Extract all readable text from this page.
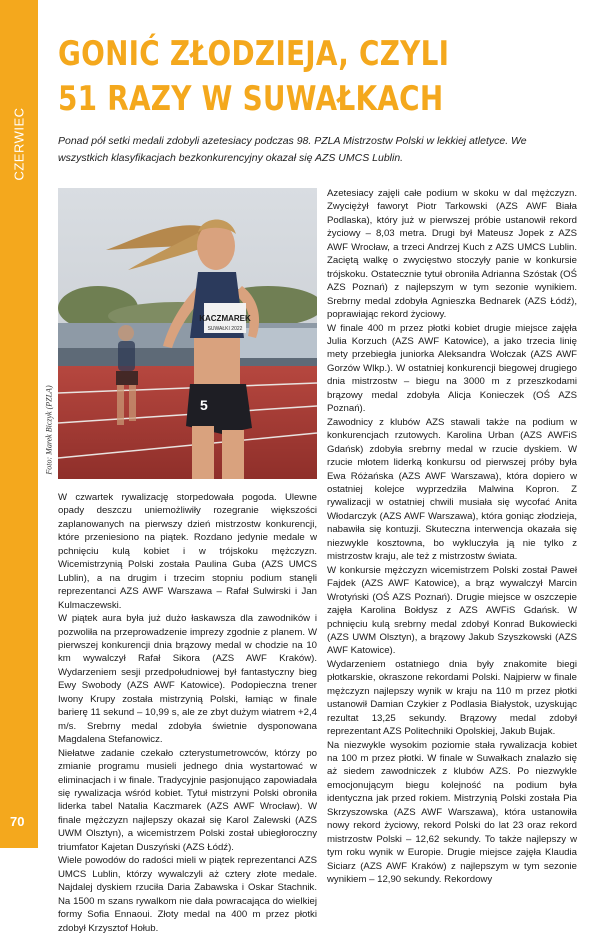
CZERWIEC
70
GONIĆ ZŁODZIEJA, CZYLI 51 RAZY W SUWAŁKACH

Ponad pół setki medali zdobyli azetesiacy podczas 98. PZLA Mistrzostw Polski w lekkiej atletyce. We wszystkich klasyfikacjach bezkonkurencyjny okazał się AZS UMCS Lublin.

KACZMAREK
SUWAŁKI 2022
5
Foto: Marek Biczyk (PZLA)

W czwartek rywalizację storpedowała pogoda. Ulewne opady deszczu uniemożliwiły rozegranie większości zaplanowanych na pierwszy dzień mistrzostw konkurencji, które przeniesiono na piątek. Rozdano jedynie medale w pchnięciu kulą kobiet i w trójskoku mężczyzn. Wicemistrzynią Polski została Paulina Guba (AZS UMCS Lublin), a na drugim i trzecim stopniu podium stanęli reprezentanci AZS AWF Warszawa – Rafał Sulwirski i Jan Kulmaczewski.

W piątek aura była już dużo łaskawsza dla zawodników i pozwoliła na przeprowadzenie imprezy zgodnie z planem. W pierwszej konkurencji dnia brązowy medal w chodzie na 10 km wywalczył Rafał Sikora (AZS AWF Kraków). Wydarzeniem sesji przedpołudniowej był fantastyczny bieg Ewy Swobody (AZS AWF Katowice). Podopieczna trener Iwony Krupy została mistrzynią Polski, łamiąc w finale barierę 11 sekund – 10,99 s, ale ze zbyt dużym wiatrem +2,4 m/s. Srebrny medal zdobyła świetnie dysponowana Magdalena Stefanowicz.

Niełatwe zadanie czekało czterystumetrowców, którzy po zmianie programu musieli jednego dnia wystartować w eliminacjach i w finale. Tradycyjnie pasjonująco zapowiadała się rywalizacja wśród kobiet. Tytuł mistrzyni Polski obroniła liderka tabel Natalia Kaczmarek (AZS AWF Wrocław). W finale mężczyzn najlepszy okazał się Karol Zalewski (AZS UWM Olsztyn), a wicemistrzem Polski został ubiegłoroczny triumfator Kajetan Duszyński (AZS Łódź).

Wiele powodów do radości mieli w piątek reprezentanci AZS UMCS Lublin, którzy wywalczyli aż cztery złote medale. Najdalej dyskiem rzuciła Daria Zabawska i Oskar Stachnik. Na 1500 m szans rywalkom nie dała powracająca do wielkiej formy Sofia Ennaoui. Złoty medal na 400 m przez płotki zdobył Krzysztof Hołub.

Azetesiacy zajęli całe podium w skoku w dal mężczyzn. Zwyciężył faworyt Piotr Tarkowski (AZS AWF Biała Podlaska), który już w pierwszej próbie ustanowił rekord życiowy – 8,03 metra. Drugi był Mateusz Jopek z AZS AWF Wrocław, a trzeci Andrzej Kuch z AZS UMCS Lublin. Zaciętą walkę o zwycięstwo stoczyły panie w konkursie trójskoku. Ostatecznie tytuł obroniła Adrianna Szóstak (OŚ AZS Poznań) z najlepszym w tym sezonie wynikiem. Srebrny medal zdobyła Agnieszka Bednarek (AZS Łódź), poprawiając rekord życiowy.

W finale 400 m przez płotki kobiet drugie miejsce zajęła Julia Korzuch (AZS AWF Katowice), a jako trzecia linię mety przebiegła juniorka Aleksandra Wołczak (AZS AWF Gorzów Wlkp.). W ostatniej konkurencji biegowej drugiego dnia mistrzostw – biegu na 3000 m z przeszkodami brązowy medal zdobyła Alicja Konieczek (OŚ AZS Poznań).

Zawodnicy z klubów AZS stawali także na podium w konkurencjach rzutowych. Karolina Urban (AZS AWFiS Gdańsk) zdobyła srebrny medal w rzucie dyskiem. W rzucie młotem liderką konkursu od pierwszej próby była Ewa Różańska (AZS AWF Warszawa), która dopiero w ostatniej kolejce wyprzedziła Malwina Kopron. Z rywalizacji w ostatniej chwili musiała się wycofać Anita Włodarczyk (AZS AWF Warszawa), która goniąc złodzieja, nabawiła się kontuzji. Skuteczna interwencja okazała się niezwykle kosztowna, bo wykluczyła ją nie tylko z mistrzostw kraju, ale też z mistrzostw świata.

W konkursie mężczyzn wicemistrzem Polski został Paweł Fajdek (AZS AWF Katowice), a brąz wywalczył Marcin Wrotyński (OŚ AZS Poznań). Drugie miejsce w oszczepie zajęła Karolina Bołdysz z AZS AWFiS Gdańsk. W pchnięciu kulą srebrny medal zdobył Konrad Bukowiecki (AZS UWM Olsztyn), a brązowy Jakub Szyszkowski (AZS AWF Katowice).

Wydarzeniem ostatniego dnia były znakomite biegi płotkarskie, okraszone rekordami Polski. Najpierw w finale mężczyzn najlepszy wynik w kraju na 110 m przez płotki ustanowił Damian Czykier z Podlasia Białystok, uzyskując rezultat 13,25 sekundy. Brązowy medal zdobył reprezentant AZS Politechniki Opolskiej, Jakub Bujak.

Na niezwykle wysokim poziomie stała rywalizacja kobiet na 100 m przez płotki. W finale w Suwałkach znalazło się aż siedem zawodniczek z klubów AZS. Po niezwykle emocjonującym biegu kolejność na podium była identyczna jak przed rokiem. Mistrzynią Polski została Pia Skrzyszowska (AZS AWF Warszawa), która ustanowiła nowy rekord życiowy, rekord Polski do lat 23 oraz rekord mistrzostw Polski – 12,62 sekundy. To także najlepszy w tym roku wynik w Europie. Drugie miejsce zajęła Klaudia Siciarz (AZS AWF Kraków) z najlepszym w tym sezonie wynikiem – 12,90 sekundy. Rekordowy
